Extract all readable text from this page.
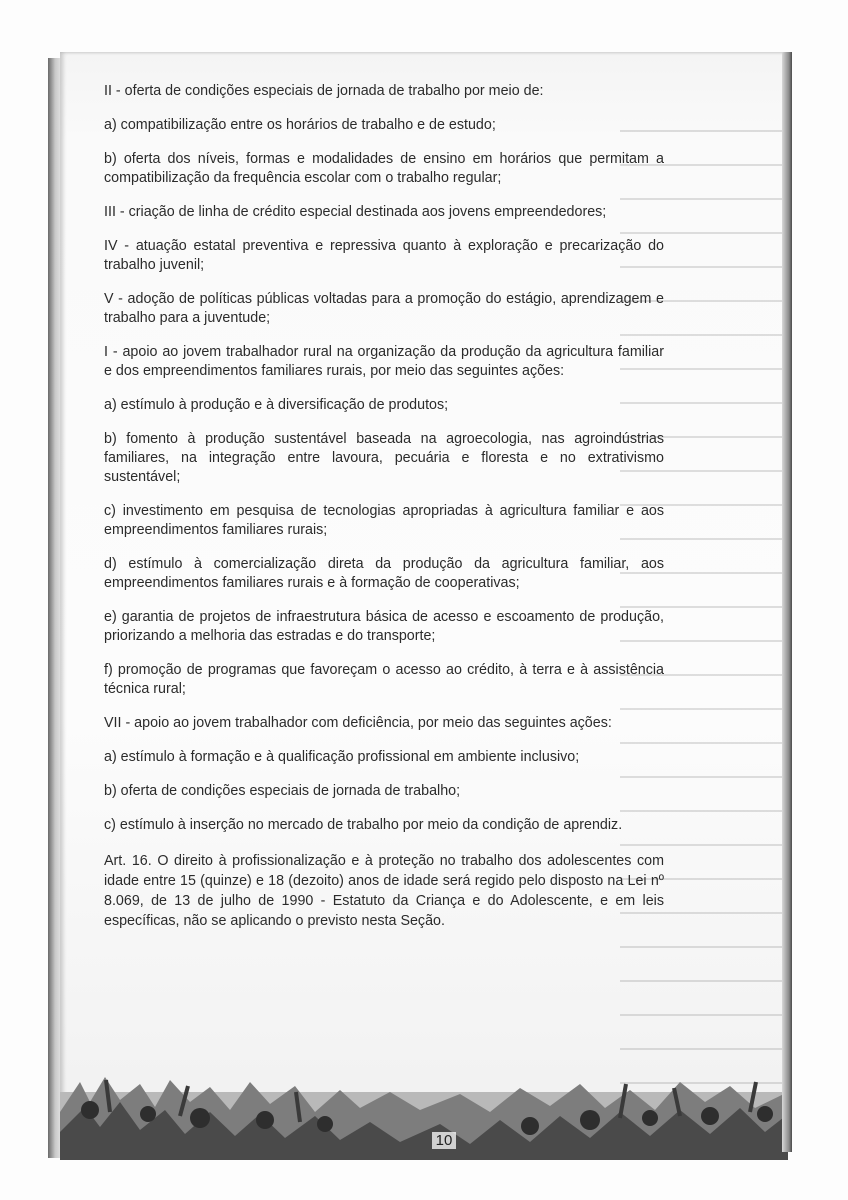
10

II - oferta de condições especiais de jornada de trabalho por meio de:

a) compatibilização entre os horários de trabalho e de estudo;

b) oferta dos níveis, formas e modalidades de ensino em horários que permitam a compatibilização da frequência escolar com o trabalho regular;

III - criação de linha de crédito especial destinada aos jovens empreendedores;

IV - atuação estatal preventiva e repressiva quanto à exploração e precarização do trabalho juvenil;

V - adoção de políticas públicas voltadas para a promoção do estágio, aprendizagem e trabalho para a juventude;

I - apoio ao jovem trabalhador rural na organização da produção da agricultura familiar e dos empreendimentos familiares rurais, por meio das seguintes ações:

a) estímulo à produção e à diversificação de produtos;

b) fomento à produção sustentável baseada na agroecologia, nas agroindústrias familiares, na integração entre lavoura, pecuária e floresta e no extrativismo sustentável;

c) investimento em pesquisa de tecnologias apropriadas à agricultura familiar e aos empreendimentos familiares rurais;

d) estímulo à comercialização direta da produção da agricultura familiar, aos empreendimentos familiares rurais e à formação de cooperativas;

e) garantia de projetos de infraestrutura básica de acesso e escoamento de produção, priorizando a melhoria das estradas e do transporte;

f) promoção de programas que favoreçam o acesso ao crédito, à terra e à assistência técnica rural;

VII - apoio ao jovem trabalhador com deficiência, por meio das seguintes ações:

a) estímulo à formação e à qualificação profissional em ambiente inclusivo;

b) oferta de condições especiais de jornada de trabalho;

c) estímulo à inserção no mercado de trabalho por meio da condição de aprendiz.

Art. 16. O direito à profissionalização e à proteção no trabalho dos adolescentes com idade entre 15 (quinze) e 18 (dezoito) anos de idade será regido pelo disposto na Lei nº 8.069, de 13 de julho de 1990 - Estatuto da Criança e do Adolescente, e em leis específicas, não se aplicando o previsto nesta Seção.
